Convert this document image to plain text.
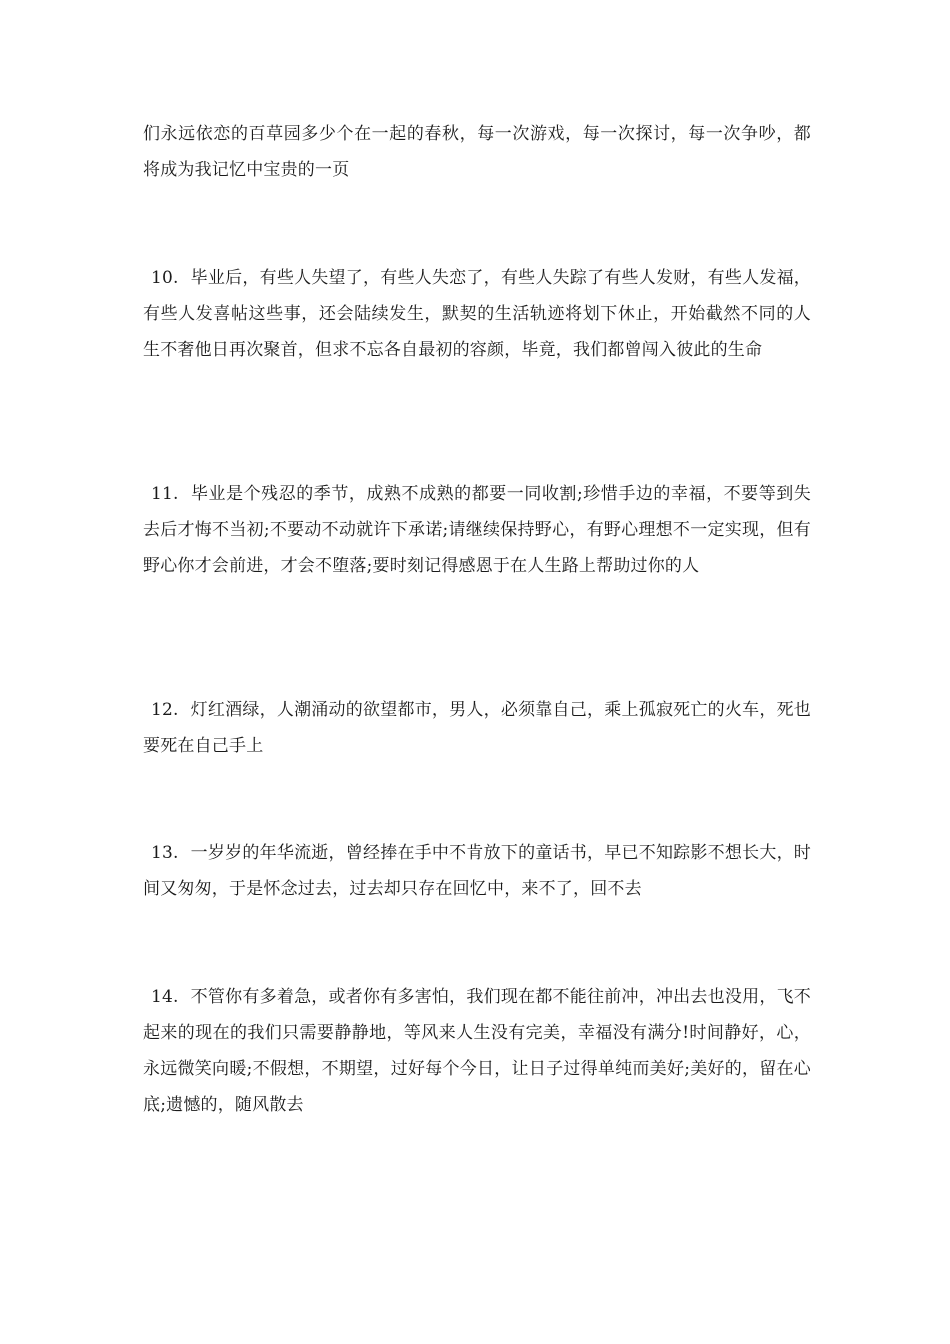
们永远依恋的百草园多少个在一起的春秋，每一次游戏，每一次探讨，每一次争吵，都将成为我记忆中宝贵的一页

10. 毕业后，有些人失望了，有些人失恋了，有些人失踪了有些人发财，有些人发福，有些人发喜帖这些事，还会陆续发生，默契的生活轨迹将划下休止，开始截然不同的人生不奢他日再次聚首，但求不忘各自最初的容颜，毕竟，我们都曾闯入彼此的生命

11. 毕业是个残忍的季节，成熟不成熟的都要一同收割;珍惜手边的幸福，不要等到失去后才悔不当初;不要动不动就许下承诺;请继续保持野心，有野心理想不一定实现，但有野心你才会前进，才会不堕落;要时刻记得感恩于在人生路上帮助过你的人

12. 灯红酒绿，人潮涌动的欲望都市，男人，必须靠自己，乘上孤寂死亡的火车，死也要死在自己手上

13. 一岁岁的年华流逝，曾经捧在手中不肯放下的童话书，早已不知踪影不想长大，时间又匆匆，于是怀念过去，过去却只存在回忆中，来不了，回不去

14. 不管你有多着急，或者你有多害怕，我们现在都不能往前冲，冲出去也没用，飞不起来的现在的我们只需要静静地，等风来人生没有完美，幸福没有满分!时间静好，心，永远微笑向暖;不假想，不期望，过好每个今日，让日子过得单纯而美好;美好的，留在心底;遗憾的，随风散去
